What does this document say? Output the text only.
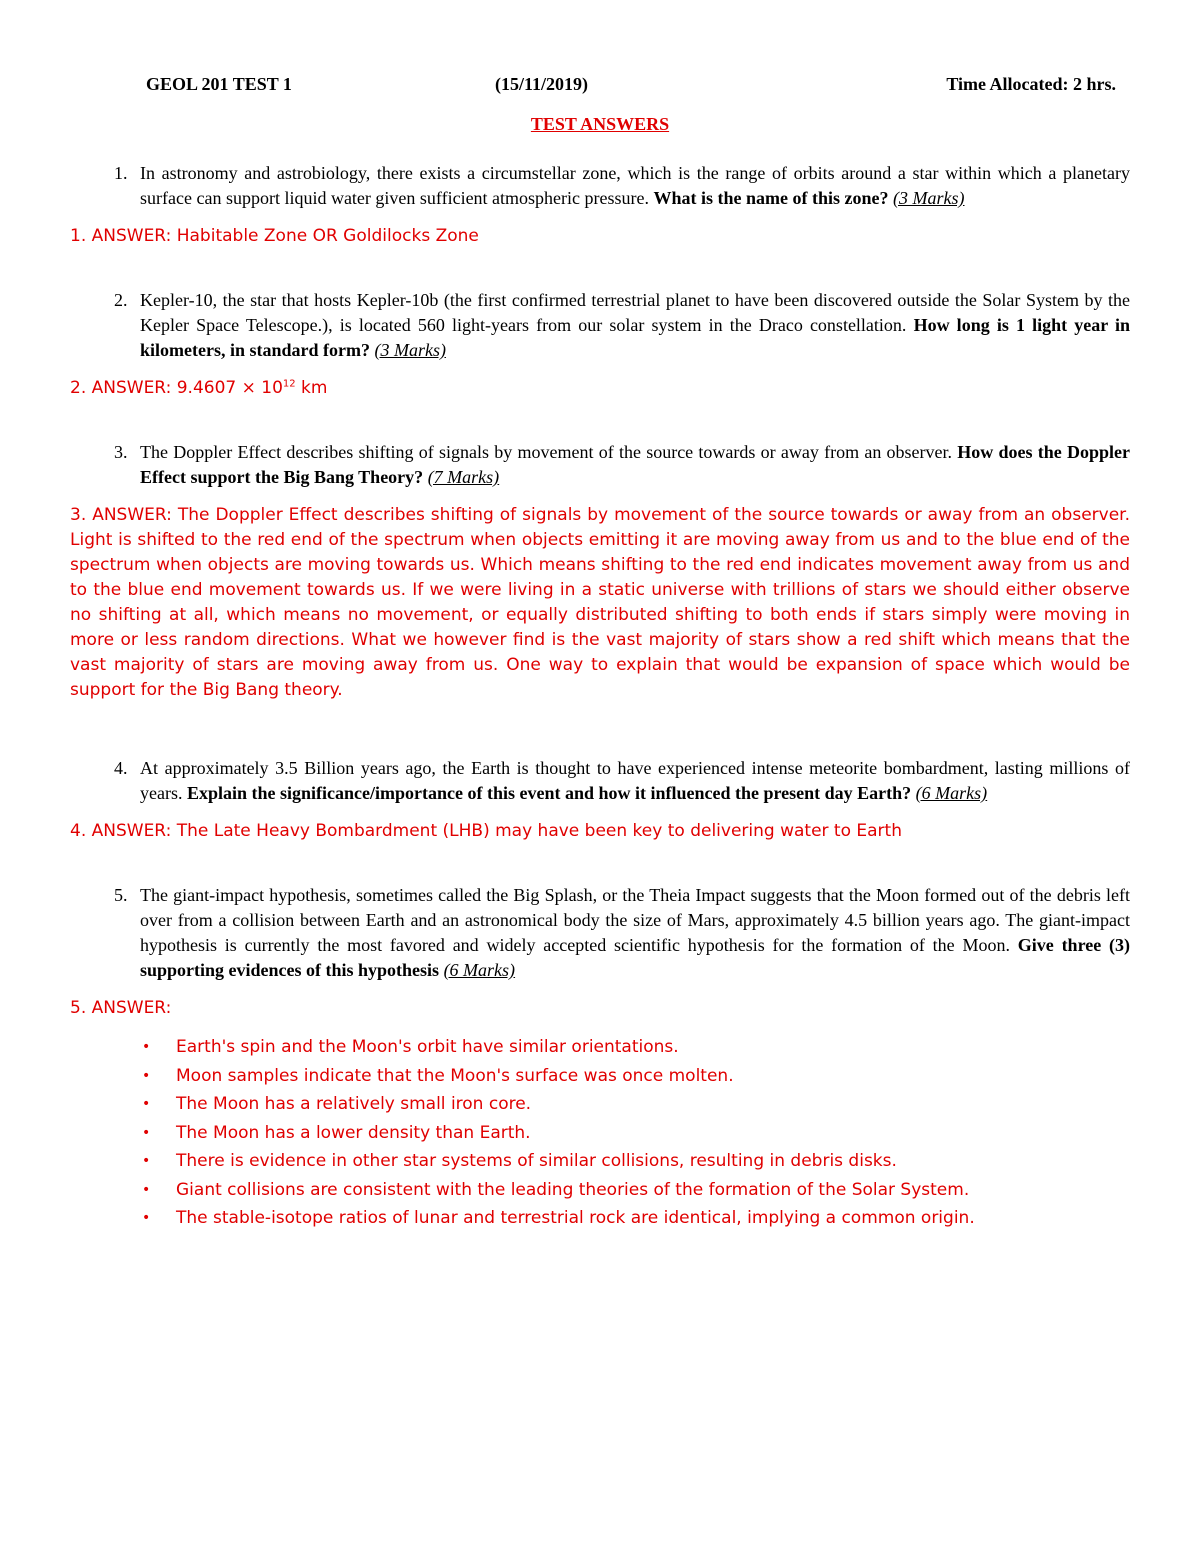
GEOL 201 TEST 1	(15/11/2019)	Time Allocated: 2 hrs.
TEST ANSWERS
1. In astronomy and astrobiology, there exists a circumstellar zone, which is the range of orbits around a star within which a planetary surface can support liquid water given sufficient atmospheric pressure. What is the name of this zone? (3 Marks)
1. ANSWER: Habitable Zone OR Goldilocks Zone
2. Kepler-10, the star that hosts Kepler-10b (the first confirmed terrestrial planet to have been discovered outside the Solar System by the Kepler Space Telescope.), is located 560 light-years from our solar system in the Draco constellation. How long is 1 light year in kilometers, in standard form? (3 Marks)
2. ANSWER: $9.4607 \times 10^{12}$ km
3. The Doppler Effect describes shifting of signals by movement of the source towards or away from an observer. How does the Doppler Effect support the Big Bang Theory? (7 Marks)
3. ANSWER: The Doppler Effect describes shifting of signals by movement of the source towards or away from an observer. Light is shifted to the red end of the spectrum when objects emitting it are moving away from us and to the blue end of the spectrum when objects are moving towards us. Which means shifting to the red end indicates movement away from us and to the blue end movement towards us. If we were living in a static universe with trillions of stars we should either observe no shifting at all, which means no movement, or equally distributed shifting to both ends if stars simply were moving in more or less random directions. What we however find is the vast majority of stars show a red shift which means that the vast majority of stars are moving away from us. One way to explain that would be expansion of space which would be support for the Big Bang theory.
4. At approximately 3.5 Billion years ago, the Earth is thought to have experienced intense meteorite bombardment, lasting millions of years. Explain the significance/importance of this event and how it influenced the present day Earth? (6 Marks)
4. ANSWER: The Late Heavy Bombardment (LHB) may have been key to delivering water to Earth
5. The giant-impact hypothesis, sometimes called the Big Splash, or the Theia Impact suggests that the Moon formed out of the debris left over from a collision between Earth and an astronomical body the size of Mars, approximately 4.5 billion years ago. The giant-impact hypothesis is currently the most favored and widely accepted scientific hypothesis for the formation of the Moon. Give three (3) supporting evidences of this hypothesis (6 Marks)
5. ANSWER:
• Earth's spin and the Moon's orbit have similar orientations.
• Moon samples indicate that the Moon's surface was once molten.
• The Moon has a relatively small iron core.
• The Moon has a lower density than Earth.
• There is evidence in other star systems of similar collisions, resulting in debris disks.
• Giant collisions are consistent with the leading theories of the formation of the Solar System.
• The stable-isotope ratios of lunar and terrestrial rock are identical, implying a common origin.
